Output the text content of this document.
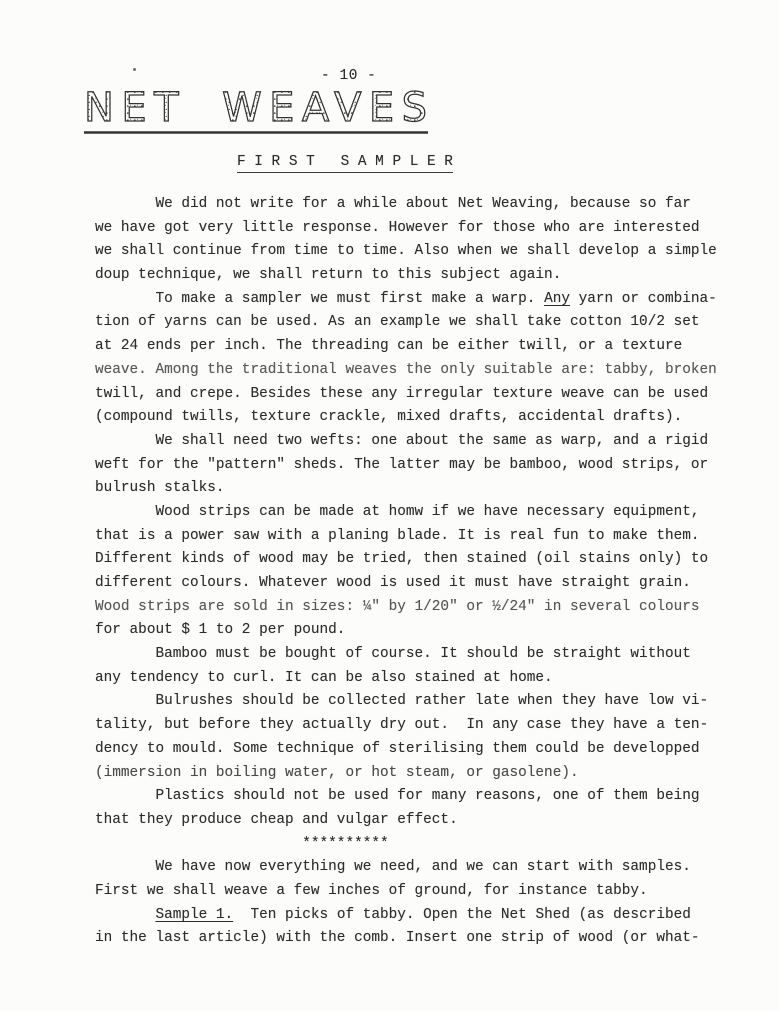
- 10 -
NET WEAVES
F I R S T   S A M P L E R
We did not write for a while about Net Weaving, because so far
we have got very little response. However for those who are interested
we shall continue from time to time. Also when we shall develop a simple
doup technique, we shall return to this subject again.
To make a sampler we must first make a warp. Any yarn or combina-
tion of yarns can be used. As an example we shall take cotton 10/2 set
at 24 ends per inch. The threading can be either twill, or a texture
weave. Among the traditional weaves the only suitable are: tabby, broken
twill, and crepe. Besides these any irregular texture weave can be used
(compound twills, texture crackle, mixed drafts, accidental drafts).
We shall need two wefts: one about the same as warp, and a rigid
weft for the "pattern" sheds. The latter may be bamboo, wood strips, or
bulrush stalks.
Wood strips can be made at homw if we have necessary equipment,
that is a power saw with a planing blade. It is real fun to make them.
Different kinds of wood may be tried, then stained (oil stains only) to
different colours. Whatever wood is used it must have straight grain.
Wood strips are sold in sizes: ¼" by 1/20" or ½/24" in several colours
for about $ 1 to 2 per pound.
Bamboo must be bought of course. It should be straight without
any tendency to curl. It can be also stained at home.
Bulrushes should be collected rather late when they have low vi-
tality, but before they actually dry out.  In any case they have a ten-
dency to mould. Some technique of sterilising them could be developped
(immersion in boiling water, or hot steam, or gasolene).
Plastics should not be used for many reasons, one of them being
that they produce cheap and vulgar effect.
**********
We have now everything we need, and we can start with samples.
First we shall weave a few inches of ground, for instance tabby.
Sample 1.  Ten picks of tabby. Open the Net Shed (as described
in the last article) with the comb. Insert one strip of wood (or what-
